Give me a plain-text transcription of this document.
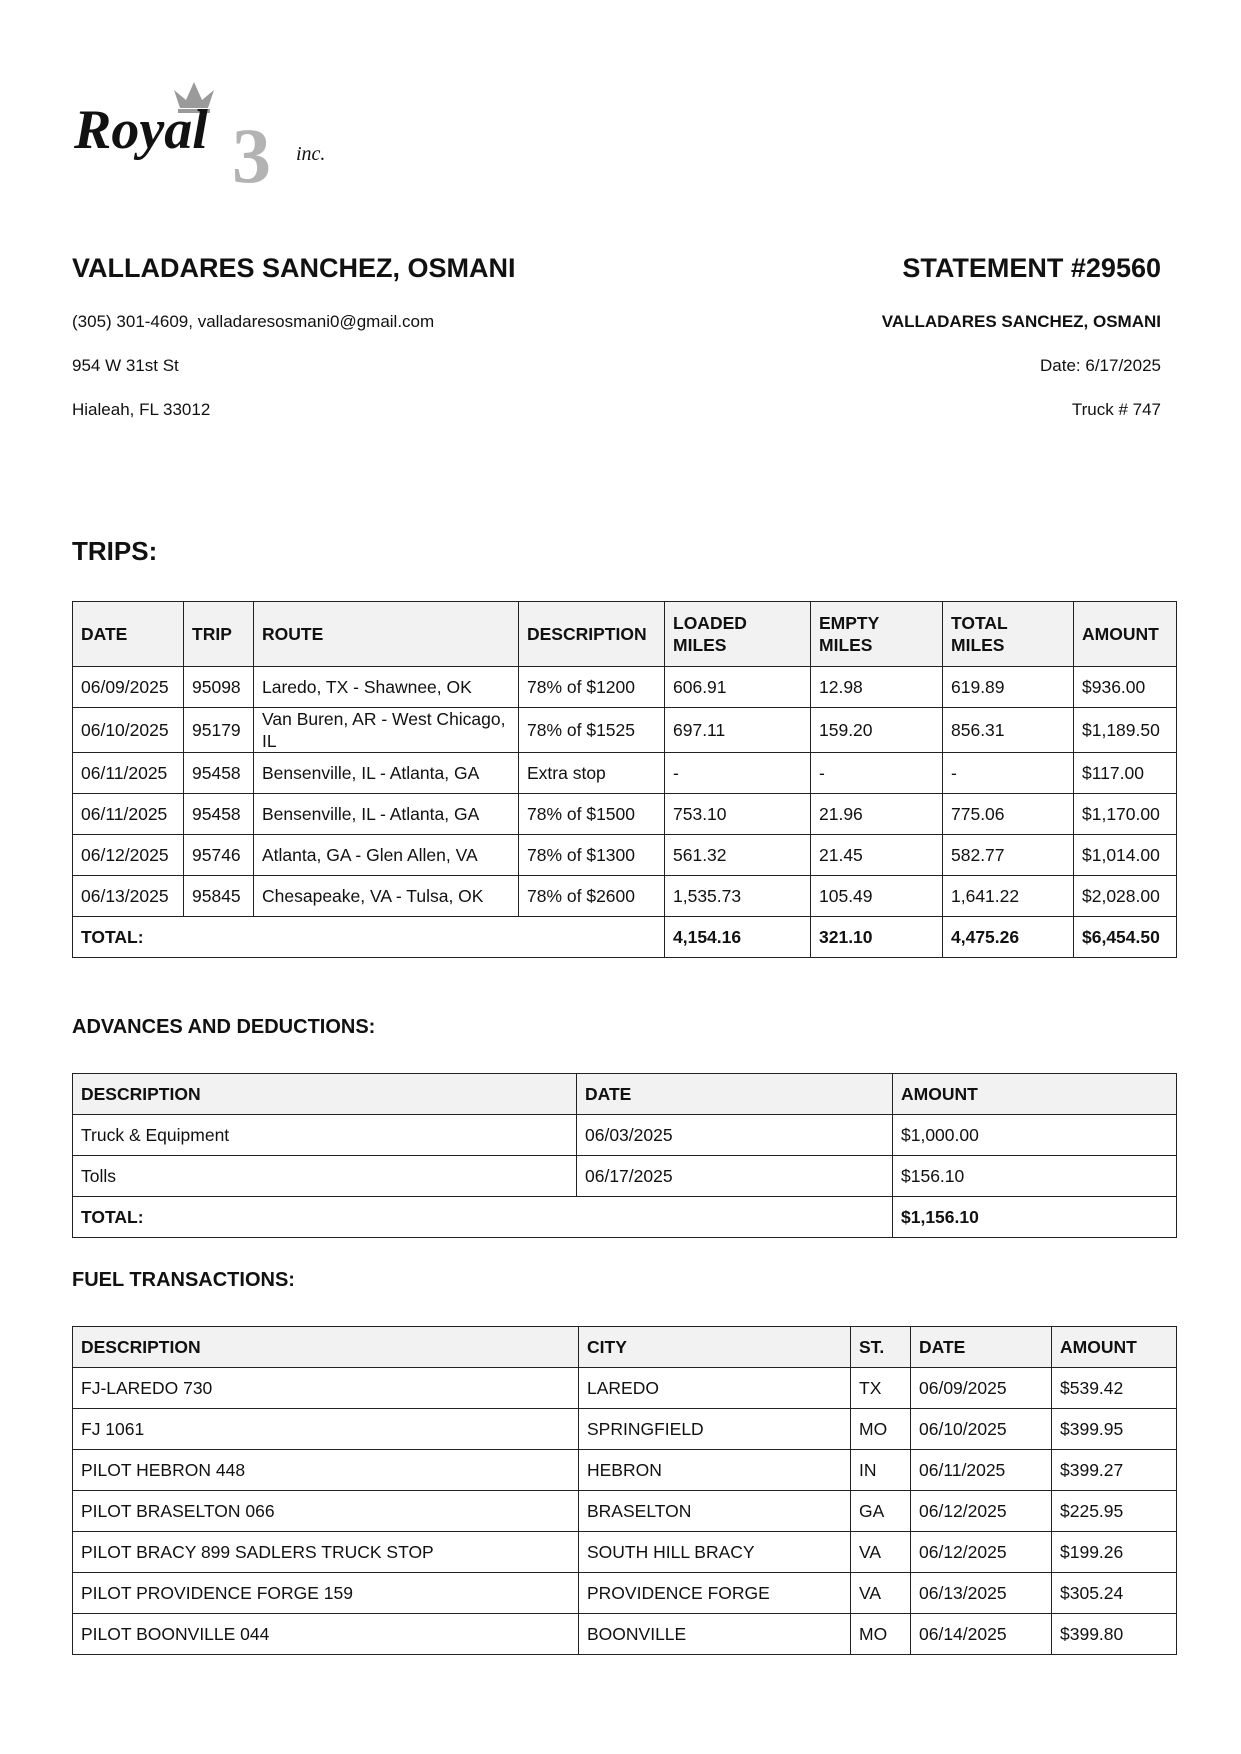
3
Royal	inc.
VALLADARES SANCHEZ, OSMANI
(305) 301-4609, valladaresosmani0@gmail.com
954 W 31st St
Hialeah, FL 33012
STATEMENT #29560
VALLADARES SANCHEZ, OSMANI
Date: 6/17/2025
Truck # 747
TRIPS:
DATE	TRIP	ROUTE	DESCRIPTION	LOADED MILES	EMPTY MILES	TOTAL MILES	AMOUNT
06/09/2025	95098	Laredo, TX - Shawnee, OK	78% of $1200	606.91	12.98	619.89	$936.00
06/10/2025	95179	Van Buren, AR - West Chicago, IL	78% of $1525	697.11	159.20	856.31	$1,189.50
06/11/2025	95458	Bensenville, IL - Atlanta, GA	Extra stop	-	-	-	$117.00
06/11/2025	95458	Bensenville, IL - Atlanta, GA	78% of $1500	753.10	21.96	775.06	$1,170.00
06/12/2025	95746	Atlanta, GA - Glen Allen, VA	78% of $1300	561.32	21.45	582.77	$1,014.00
06/13/2025	95845	Chesapeake, VA - Tulsa, OK	78% of $2600	1,535.73	105.49	1,641.22	$2,028.00
TOTAL:				4,154.16	321.10	4,475.26	$6,454.50
ADVANCES AND DEDUCTIONS:
DESCRIPTION	DATE	AMOUNT
Truck & Equipment	06/03/2025	$1,000.00
Tolls	06/17/2025	$156.10
TOTAL:		$1,156.10
FUEL TRANSACTIONS:
DESCRIPTION	CITY	ST.	DATE	AMOUNT
FJ-LAREDO 730	LAREDO	TX	06/09/2025	$539.42
FJ 1061	SPRINGFIELD	MO	06/10/2025	$399.95
PILOT HEBRON 448	HEBRON	IN	06/11/2025	$399.27
PILOT BRASELTON 066	BRASELTON	GA	06/12/2025	$225.95
PILOT BRACY 899 SADLERS TRUCK STOP	SOUTH HILL BRACY	VA	06/12/2025	$199.26
PILOT PROVIDENCE FORGE 159	PROVIDENCE FORGE	VA	06/13/2025	$305.24
PILOT BOONVILLE 044	BOONVILLE	MO	06/14/2025	$399.80
